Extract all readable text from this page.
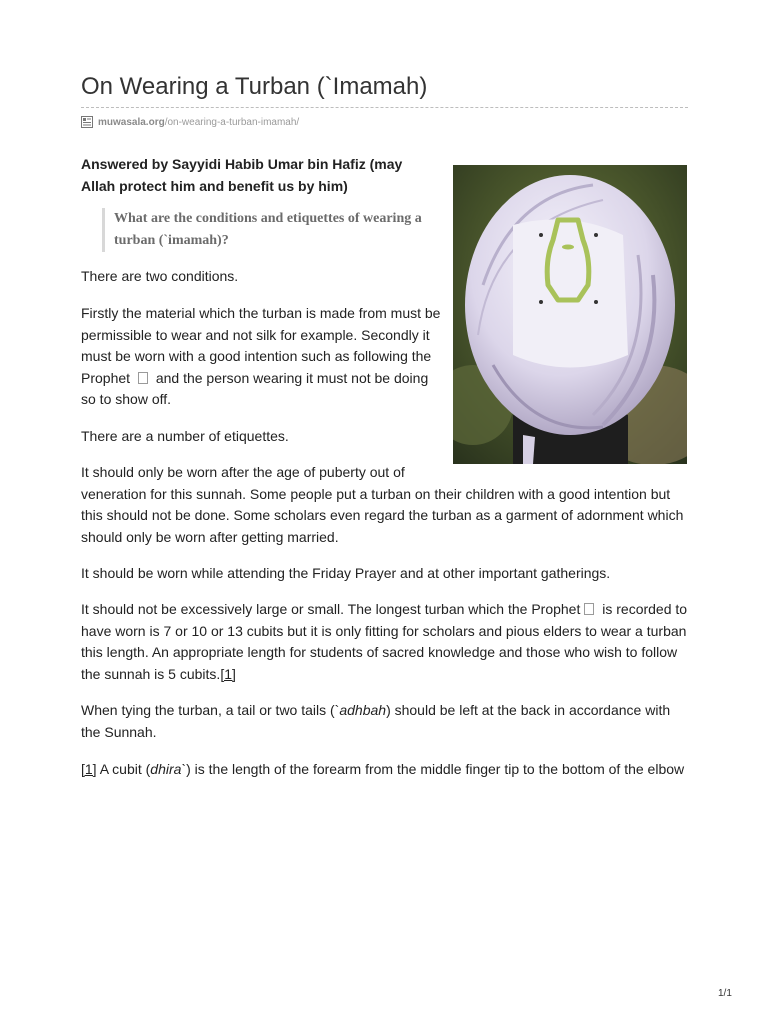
On Wearing a Turban (`Imamah)
muwasala.org /on-wearing-a-turban-imamah/

Answered by Sayyidi Habib Umar bin Hafiz (may Allah protect him and benefit us by him)

What are the conditions and etiquettes of wearing a turban (`imamah)?

There are two conditions.

Firstly the material which the turban is made from must be permissible to wear and not silk for example. Secondly it must be worn with a good intention such as following the Prophet and the person wearing it must not be doing so to show off.

There are a number of etiquettes.

It should only be worn after the age of puberty out of
veneration for this sunnah. Some people put a turban on their children with a good intention but this should not be done. Some scholars even regard the turban as a garment of adornment which should only be worn after getting married.

It should be worn while attending the Friday Prayer and at other important gatherings.

It should not be excessively large or small. The longest turban which the Prophet is recorded to have worn is 7 or 10 or 13 cubits but it is only fitting for scholars and pious elders to wear a turban this length. An appropriate length for students of sacred knowledge and those who wish to follow the sunnah is 5 cubits.[1]

When tying the turban, a tail or two tails (`adhbah) should be left at the back in accordance with the Sunnah.

[1] A cubit (dhira`) is the length of the forearm from the middle finger tip to the bottom of the elbow

1/1
